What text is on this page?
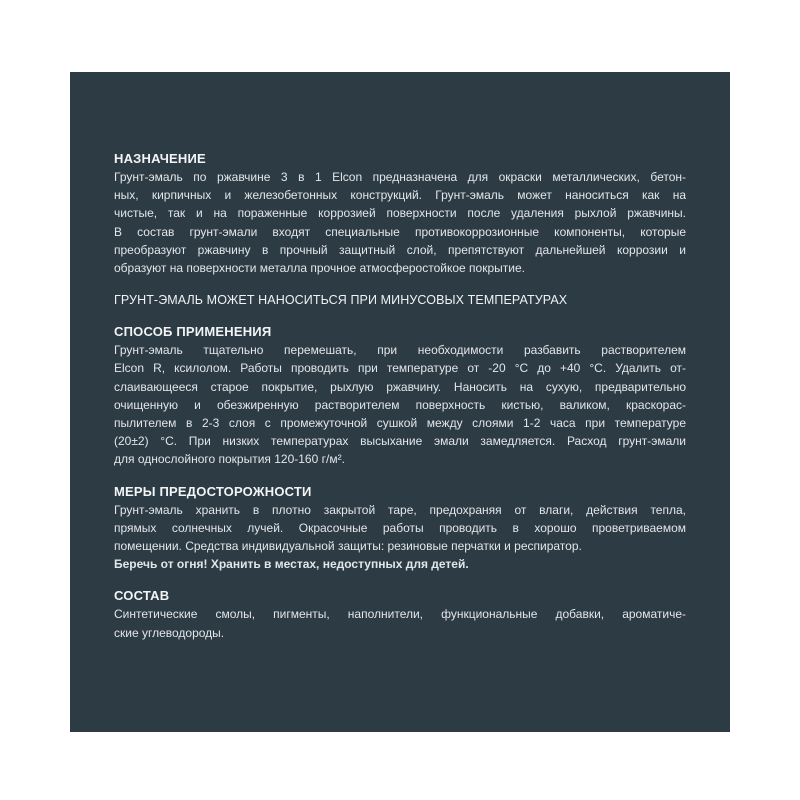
НАЗНАЧЕНИЕ
Грунт-эмаль по ржавчине 3 в 1 Elcon предназначена для окраски металлических, бетон-
ных, кирпичных и железобетонных конструкций. Грунт-эмаль может наноситься как на
чистые, так и на пораженные коррозией поверхности после удаления рыхлой ржавчины.
В состав грунт-эмали входят специальные противокоррозионные компоненты, которые
преобразуют ржавчину в прочный защитный слой, препятствуют дальнейшей коррозии и
образуют на поверхности металла прочное атмосферостойкое покрытие.
ГРУНТ-ЭМАЛЬ МОЖЕТ НАНОСИТЬСЯ ПРИ МИНУСОВЫХ ТЕМПЕРАТУРАХ
СПОСОБ ПРИМЕНЕНИЯ
Грунт-эмаль тщательно перемешать, при необходимости разбавить растворителем
Elcon R, ксилолом. Работы проводить при температуре от -20 °С до +40 °С. Удалить от-
слаивающееся старое покрытие, рыхлую ржавчину. Наносить на сухую, предварительно
очищенную и обезжиренную растворителем поверхность кистью, валиком, краскорас-
пылителем в 2-3 слоя с промежуточной сушкой между слоями 1-2 часа при температуре
(20±2) °С. При низких температурах высыхание эмали замедляется. Расход грунт-эмали
для однослойного покрытия 120-160 г/м².
МЕРЫ ПРЕДОСТОРОЖНОСТИ
Грунт-эмаль хранить в плотно закрытой таре, предохраняя от влаги, действия тепла,
прямых солнечных лучей. Окрасочные работы проводить в хорошо проветриваемом
помещении. Средства индивидуальной защиты: резиновые перчатки и респиратор.
Беречь от огня! Хранить в местах, недоступных для детей.
СОСТАВ
Синтетические смолы, пигменты, наполнители, функциональные добавки, ароматиче-
ские углеводороды.
